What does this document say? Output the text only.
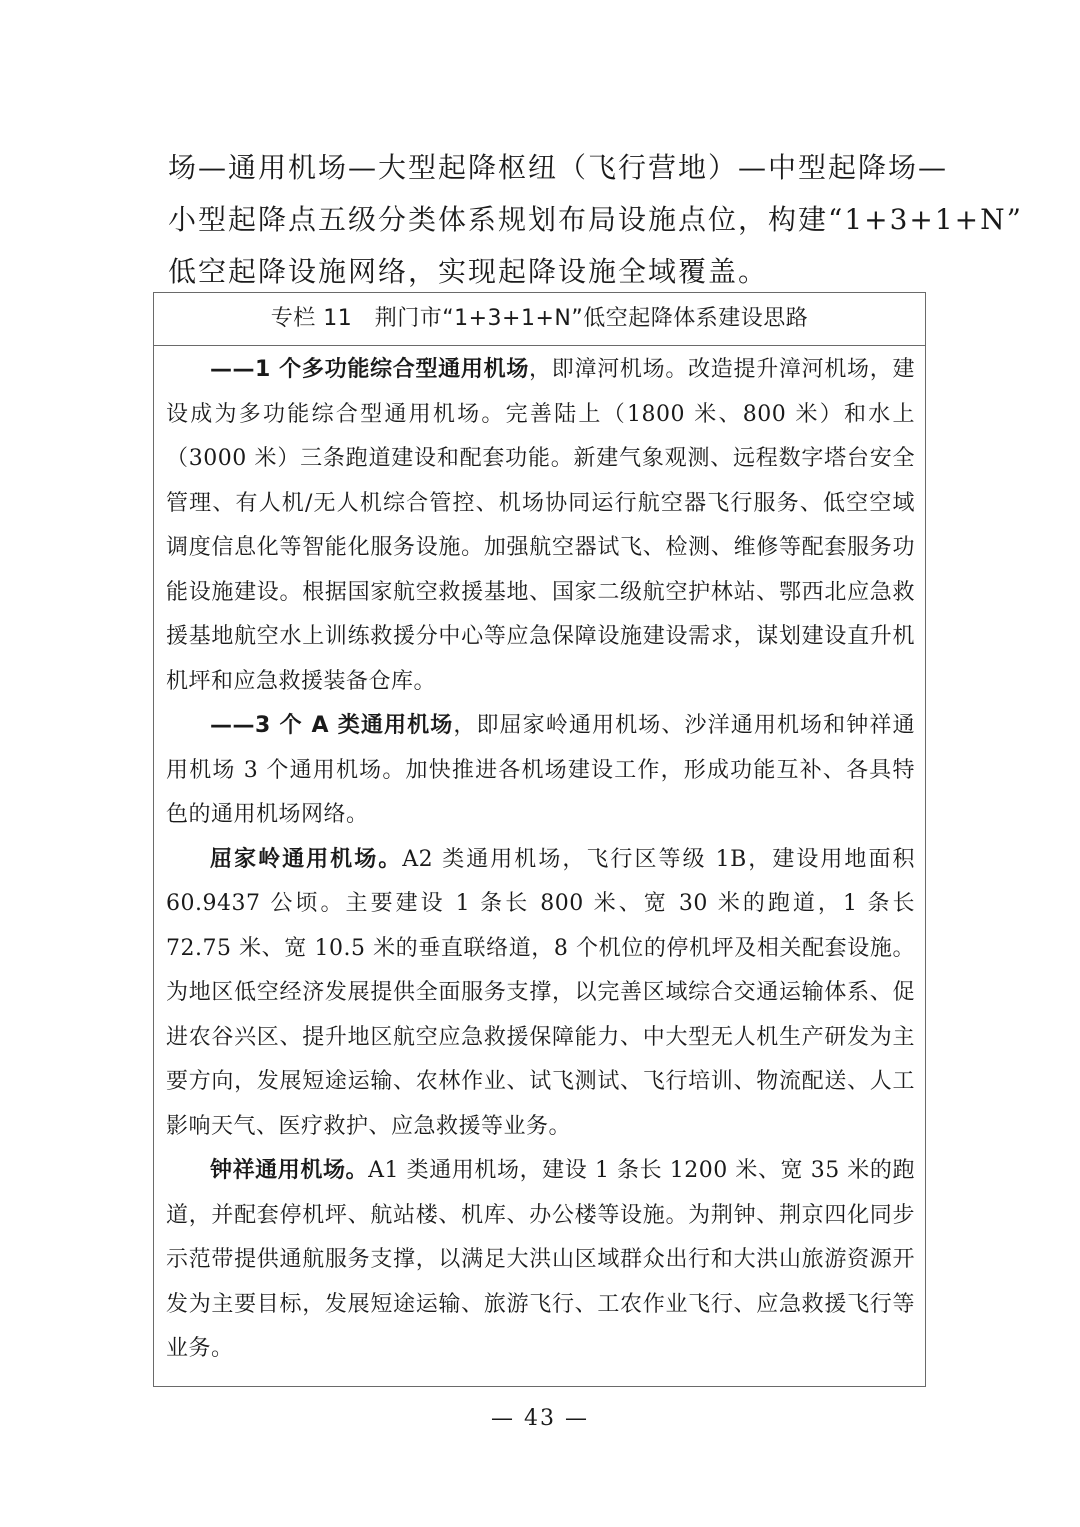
场—通用机场—大型起降枢纽（飞行营地）—中型起降场—
小型起降点五级分类体系规划布局设施点位，构建“1+3+1+N”
低空起降设施网络，实现起降设施全域覆盖。
专栏 11　荆门市“1+3+1+N”低空起降体系建设思路

——1 个多功能综合型通用机场，即漳河机场。改造提升漳河机场，建设成为多功能综合型通用机场。完善陆上（1800 米、800 米）和水上（3000 米）三条跑道建设和配套功能。新建气象观测、远程数字塔台安全管理、有人机/无人机综合管控、机场协同运行航空器飞行服务、低空空域调度信息化等智能化服务设施。加强航空器试飞、检测、维修等配套服务功能设施建设。根据国家航空救援基地、国家二级航空护林站、鄂西北应急救援基地航空水上训练救援分中心等应急保障设施建设需求，谋划建设直升机机坪和应急救援装备仓库。

——3 个 A 类通用机场，即屈家岭通用机场、沙洋通用机场和钟祥通用机场 3 个通用机场。加快推进各机场建设工作，形成功能互补、各具特色的通用机场网络。

屈家岭通用机场。A2 类通用机场，飞行区等级 1B，建设用地面积 60.9437 公顷。主要建设 1 条长 800 米、宽 30 米的跑道，1 条长 72.75 米、宽 10.5 米的垂直联络道，8 个机位的停机坪及相关配套设施。为地区低空经济发展提供全面服务支撑，以完善区域综合交通运输体系、促进农谷兴区、提升地区航空应急救援保障能力、中大型无人机生产研发为主要方向，发展短途运输、农林作业、试飞测试、飞行培训、物流配送、人工影响天气、医疗救护、应急救援等业务。

钟祥通用机场。A1 类通用机场，建设 1 条长 1200 米、宽 35 米的跑道，并配套停机坪、航站楼、机库、办公楼等设施。为荆钟、荆京四化同步示范带提供通航服务支撑，以满足大洪山区域群众出行和大洪山旅游资源开发为主要目标，发展短途运输、旅游飞行、工农作业飞行、应急救援飞行等业务。

— 43 —
